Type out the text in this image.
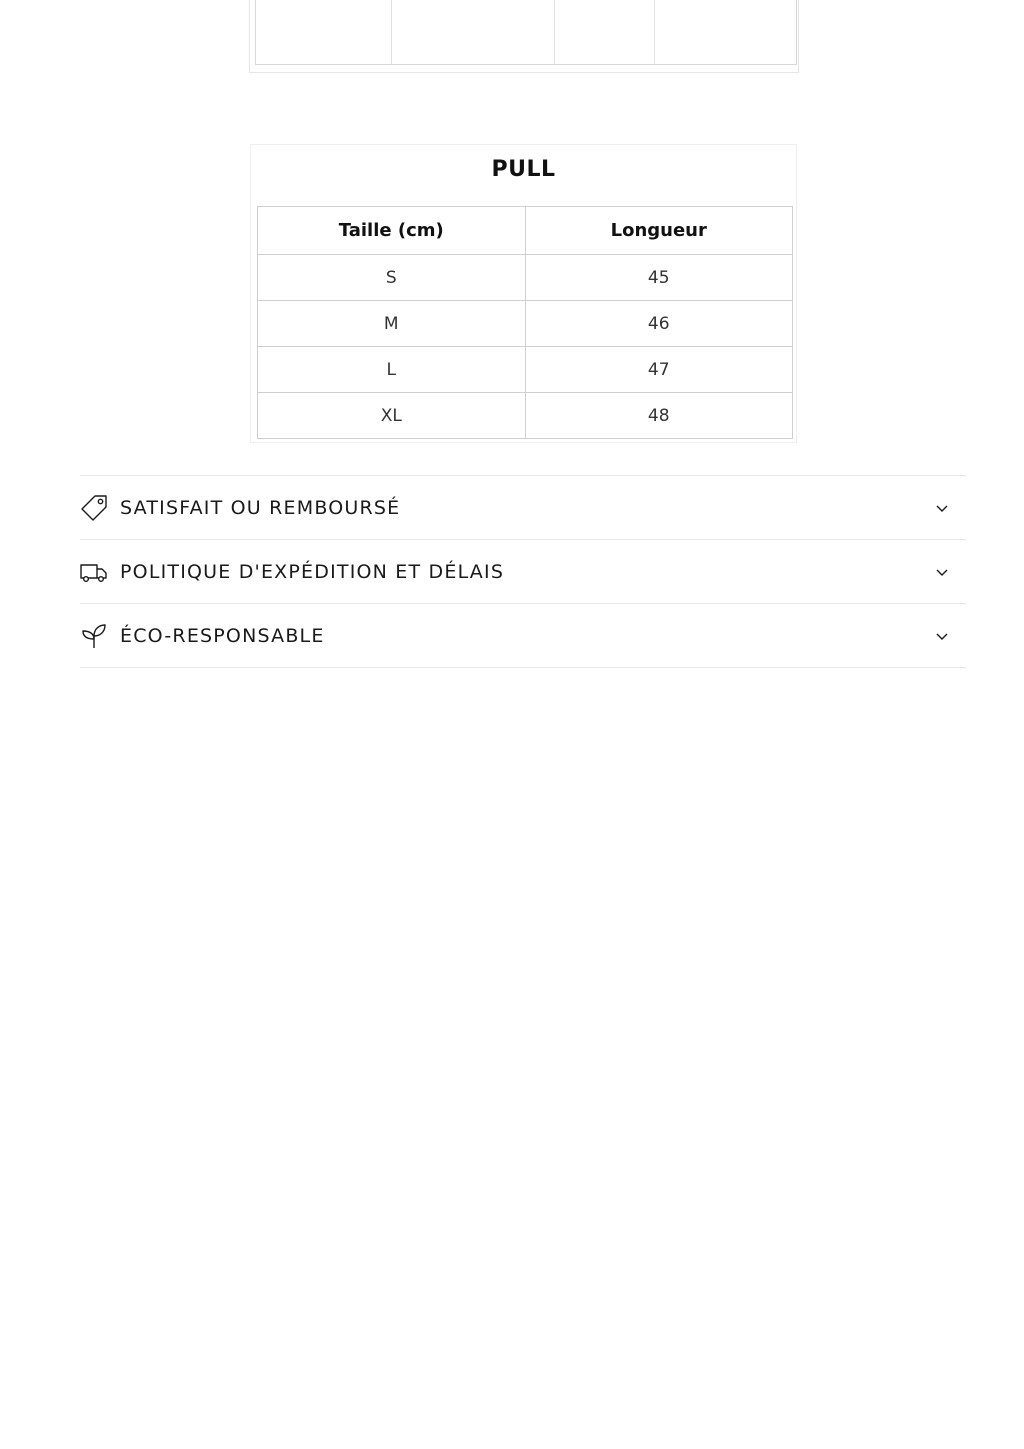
PULL
Taille (cm)	Longueur
S	45
M	46
L	47
XL	48
SATISFAIT OU REMBOURSÉ
POLITIQUE D'EXPÉDITION ET DÉLAIS
ÉCO-RESPONSABLE
